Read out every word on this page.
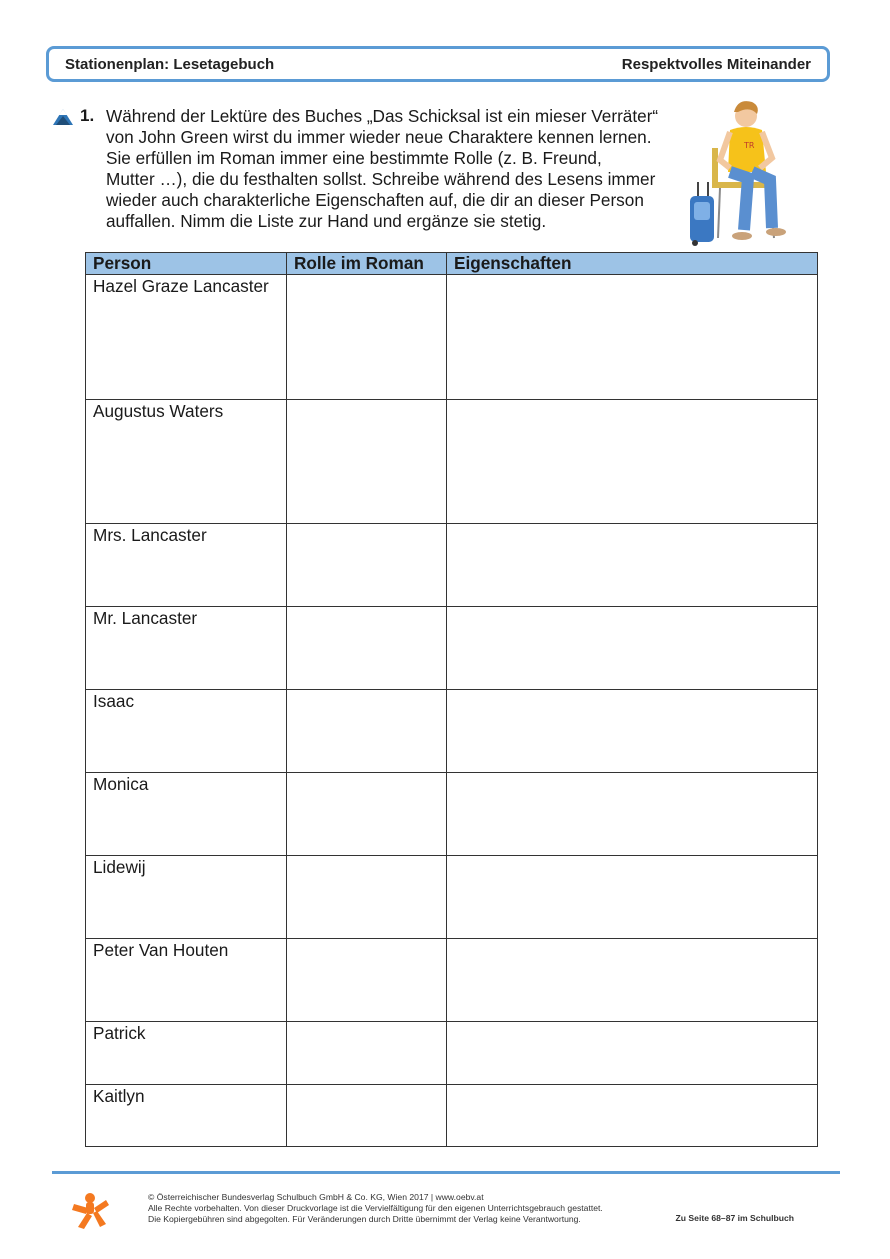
Stationenplan: Lesetagebuch	Respektvolles Miteinander
1. Während der Lektüre des Buches „Das Schicksal ist ein mieser Verräter“
von John Green wirst du immer wieder neue Charaktere kennen lernen.
Sie erfüllen im Roman immer eine bestimmte Rolle (z. B. Freund,
Mutter …), die du festhalten sollst. Schreibe während des Lesens immer
wieder auch charakterliche Eigenschaften auf, die dir an dieser Person
auffallen. Nimm die Liste zur Hand und ergänze sie stetig.
TR
Person	Rolle im Roman	Eigenschaften
Hazel Graze Lancaster		
Augustus Waters		
Mrs. Lancaster		
Mr. Lancaster		
Isaac		
Monica		
Lidewij		
Peter Van Houten		
Patrick		
Kaitlyn		
© Österreichischer Bundesverlag Schulbuch GmbH & Co. KG, Wien 2017 | www.oebv.at
Alle Rechte vorbehalten. Von dieser Druckvorlage ist die Vervielfältigung für den eigenen Unterrichtsgebrauch gestattet.
Die Kopiergebühren sind abgegolten. Für Veränderungen durch Dritte übernimmt der Verlag keine Verantwortung.	Zu Seite 68–87 im Schulbuch
